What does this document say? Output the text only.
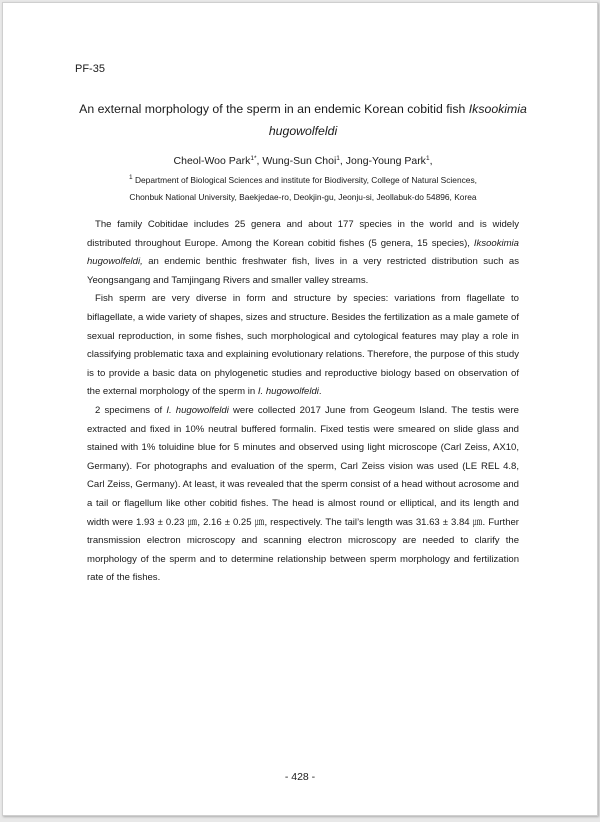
PF-35
An external morphology of the sperm in an endemic Korean cobitid fish Iksookimia
hugowolfeldi
Cheol-Woo Park$^{1*}$, Wung-Sun Choi$^1$, Jong-Young Park$^1$,
$^1$ Department of Biological Sciences and institute for Biodiversity, College of Natural Sciences,
Chonbuk National University, Baekjedae-ro, Deokjin-gu, Jeonju-si, Jeollabuk-do 54896, Korea

The family Cobitidae includes 25 genera and about 177 species in the world and is widely distributed throughout Europe. Among the Korean cobitid fishes (5 genera, 15 species), Iksookimia hugowolfeldi, an endemic benthic freshwater fish, lives in a very restricted distribution such as Yeongsangang and Tamjingang Rivers and smaller valley streams.

Fish sperm are very diverse in form and structure by species: variations from flagellate to biflagellate, a wide variety of shapes, sizes and structure. Besides the fertilization as a male gamete of sexual reproduction, in some fishes, such morphological and cytological features may play a role in classifying problematic taxa and explaining evolutionary relations. Therefore, the purpose of this study is to provide a basic data on phylogenetic studies and reproductive biology based on observation of the external morphology of the sperm in I. hugowolfeldi.

2 specimens of I. hugowolfeldi were collected 2017 June from Geogeum Island. The testis were extracted and fixed in 10% neutral buffered formalin. Fixed testis were smeared on slide glass and stained with 1% toluidine blue for 5 minutes and observed using light microscope (Carl Zeiss, AX10, Germany). For photographs and evaluation of the sperm, Carl Zeiss vision was used (LE REL 4.8, Carl Zeiss, Germany). At least, it was revealed that the sperm consist of a head without acrosome and a tail or flagellum like other cobitid fishes. The head is almost round or elliptical, and its length and width were 1.93 ± 0.23 ㎛, 2.16 ± 0.25 ㎛, respectively. The tail’s length was 31.63 ± 3.84 ㎛. Further transmission electron microscopy and scanning electron microscopy are needed to clarify the morphology of the sperm and to determine relationship between sperm morphology and fertilization rate of the fishes.

- 428 -
